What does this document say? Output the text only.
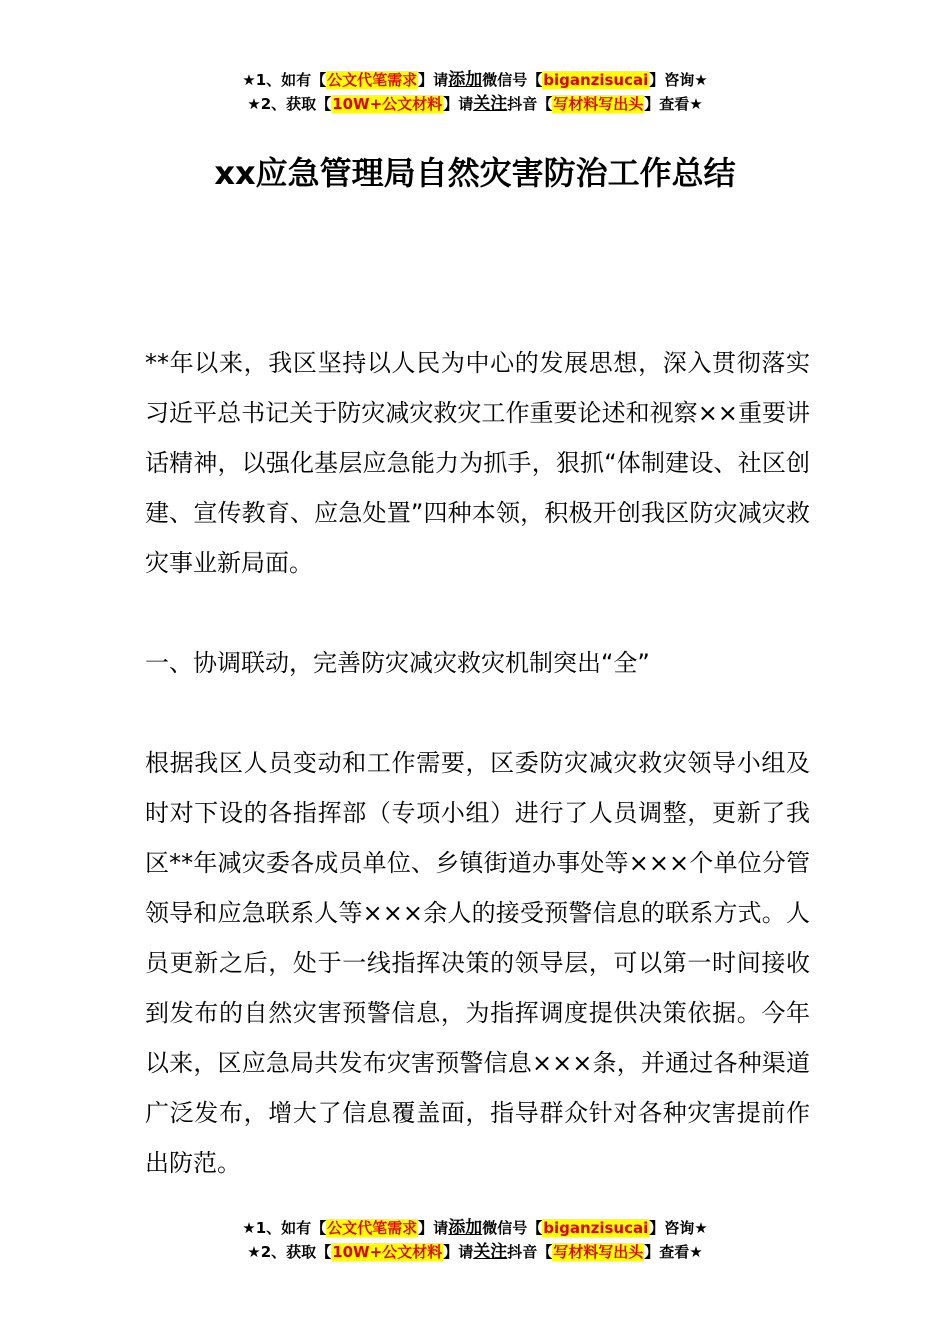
★1、如有【公文代笔需求】请添加微信号【biganzisucai】咨询★
★2、获取【10W+公文材料】请关注抖音【写材料写出头】查看★
xx应急管理局自然灾害防治工作总结

**年以来，我区坚持以人民为中心的发展思想，深入贯彻落实习近平总书记关于防灾减灾救灾工作重要论述和视察××重要讲话精神，以强化基层应急能力为抓手，狠抓“体制建设、社区创建、宣传教育、应急处置”四种本领，积极开创我区防灾减灾救灾事业新局面。

一、协调联动，完善防灾减灾救灾机制突出“全”

根据我区人员变动和工作需要，区委防灾减灾救灾领导小组及时对下设的各指挥部（专项小组）进行了人员调整，更新了我区**年减灾委各成员单位、乡镇街道办事处等×××个单位分管领导和应急联系人等×××余人的接受预警信息的联系方式。人员更新之后，处于一线指挥决策的领导层，可以第一时间接收到发布的自然灾害预警信息，为指挥调度提供决策依据。今年以来，区应急局共发布灾害预警信息×××条，并通过各种渠道广泛发布，增大了信息覆盖面，指导群众针对各种灾害提前作出防范。

★1、如有【公文代笔需求】请添加微信号【biganzisucai】咨询★
★2、获取【10W+公文材料】请关注抖音【写材料写出头】查看★
